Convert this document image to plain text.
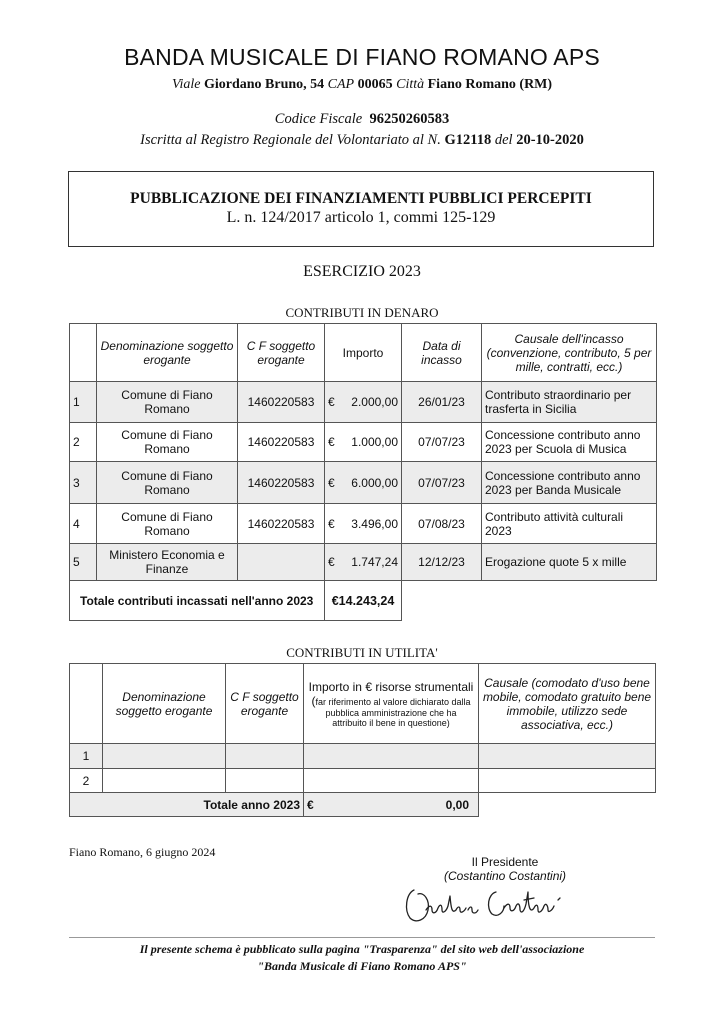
BANDA MUSICALE DI FIANO ROMANO APS
Viale Giordano Bruno, 54 CAP 00065 Città Fiano Romano (RM)
Codice Fiscale 96250260583
Iscritta al Registro Regionale del Volontariato al N. G12118 del 20-10-2020
PUBBLICAZIONE DEI FINANZIAMENTI PUBBLICI PERCEPITI
L. n. 124/2017 articolo 1, commi 125-129
ESERCIZIO 2023
CONTRIBUTI IN DENARO
	Denominazione soggetto erogante	C F soggetto erogante	Importo	Data di incasso	Causale dell'incasso (convenzione, contributo, 5 per mille, contratti, ecc.)
1	Comune di Fiano Romano	1460220583	€ 2.000,00	26/01/23	Contributo straordinario per trasferta in Sicilia
2	Comune di Fiano Romano	1460220583	€ 1.000,00	07/07/23	Concessione contributo anno 2023 per Scuola di Musica
3	Comune di Fiano Romano	1460220583	€ 6.000,00	07/07/23	Concessione contributo anno 2023 per Banda Musicale
4	Comune di Fiano Romano	1460220583	€ 3.496,00	07/08/23	Contributo attività culturali 2023
5	Ministero Economia e Finanze		€ 1.747,24	12/12/23	Erogazione quote 5 x mille
Totale contributi incassati nell'anno 2023			€14.243,24		
CONTRIBUTI IN UTILITA'
	Denominazione soggetto erogante	C F soggetto erogante	Importo in € risorse strumentali
(far riferimento al valore dichiarato dalla pubblica amministrazione che ha attribuito il bene in questione)	Causale (comodato d'uso bene mobile, comodato gratuito bene immobile, utilizzo sede associativa, ecc.)
1				
2				
Totale anno 2023			€ 0,00	

Fiano Romano, 6 giugno 2024
Il Presidente
(Costantino Costantini)
Il presente schema è pubblicato sulla pagina "Trasparenza" del sito web dell'associazione
"Banda Musicale di Fiano Romano APS"
